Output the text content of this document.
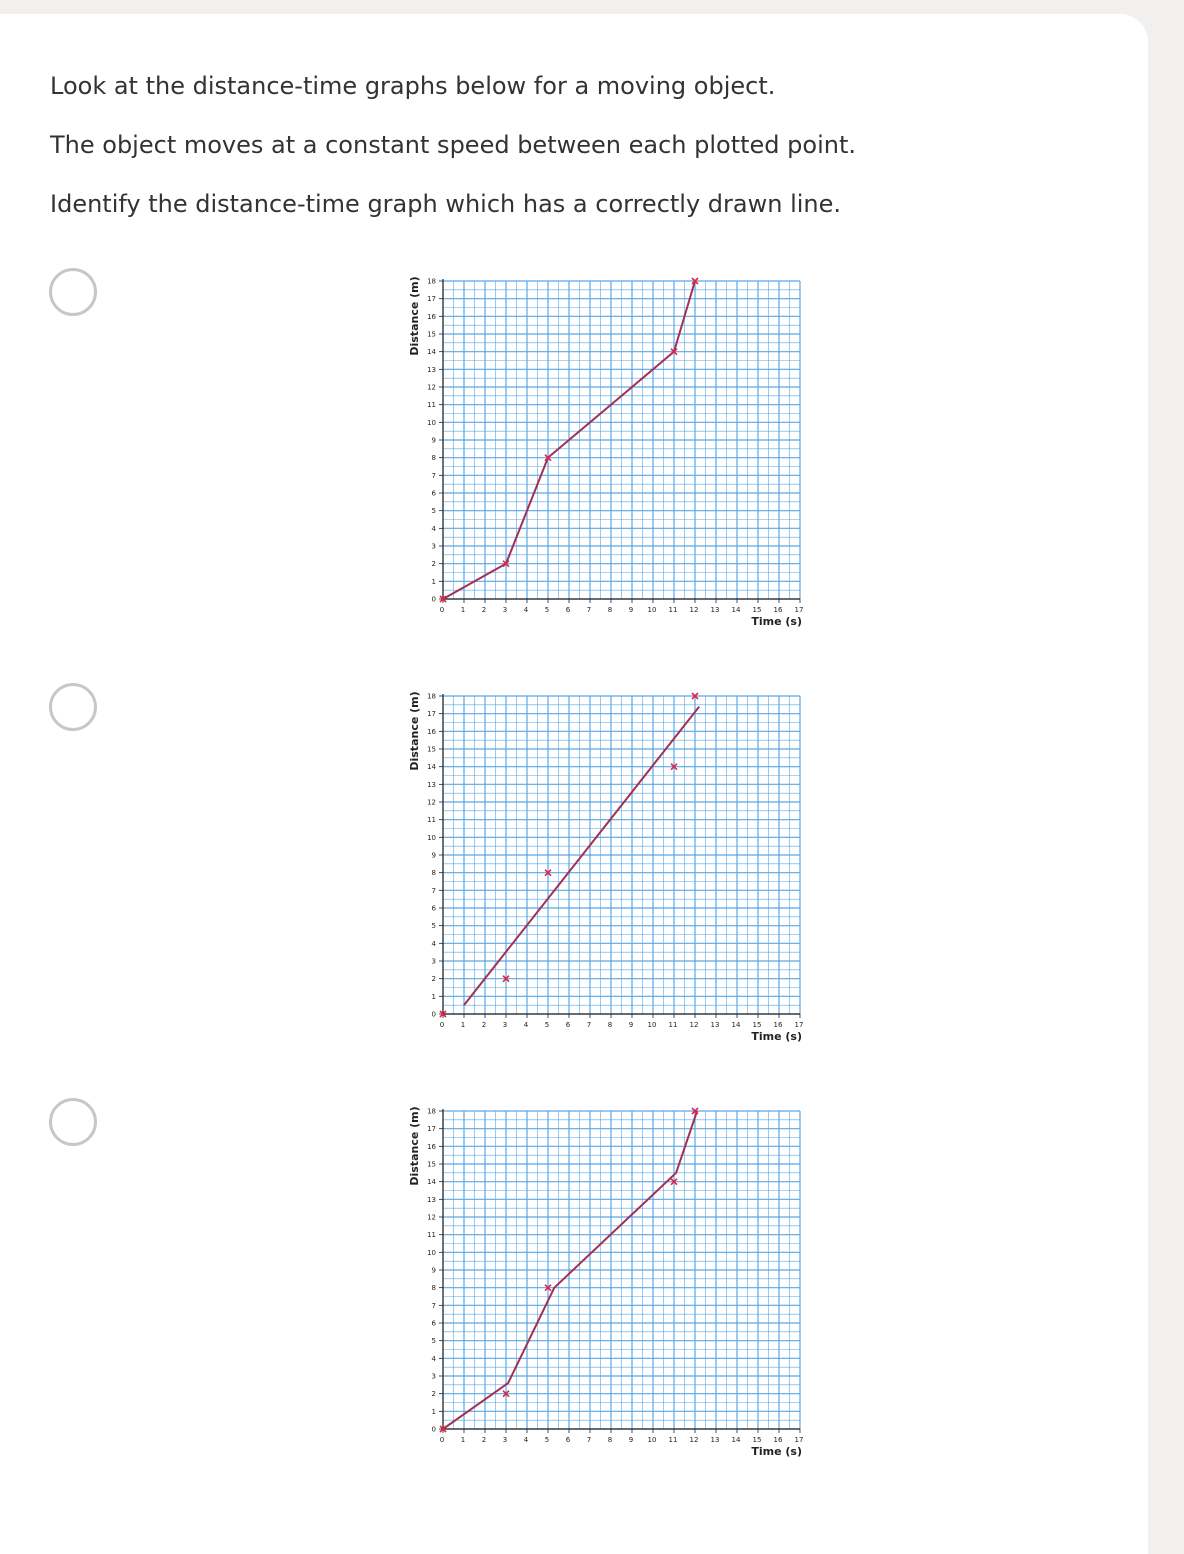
Look at the distance-time graphs below for a moving object.

The object moves at a constant speed between each plotted point.

Identify the distance-time graph which has a correctly drawn line.

0 1 2 3 4 5 6 7 8 9 10 11 12 13 14 15 16 17
0
1
2
3
4
5
6
7
8
9
10
11
12
13
14
15
16
17
18
Time (s)
Distance (m)
0 1 2 3 4 5 6 7 8 9 10 11 12 13 14 15 16 17
0
1
2
3
4
5
6
7
8
9
10
11
12
13
14
15
16
17
18
Time (s)
Distance (m)
0 1 2 3 4 5 6 7 8 9 10 11 12 13 14 15 16 17
0
1
2
3
4
5
6
7
8
9
10
11
12
13
14
15
16
17
18
Time (s)
Distance (m)
